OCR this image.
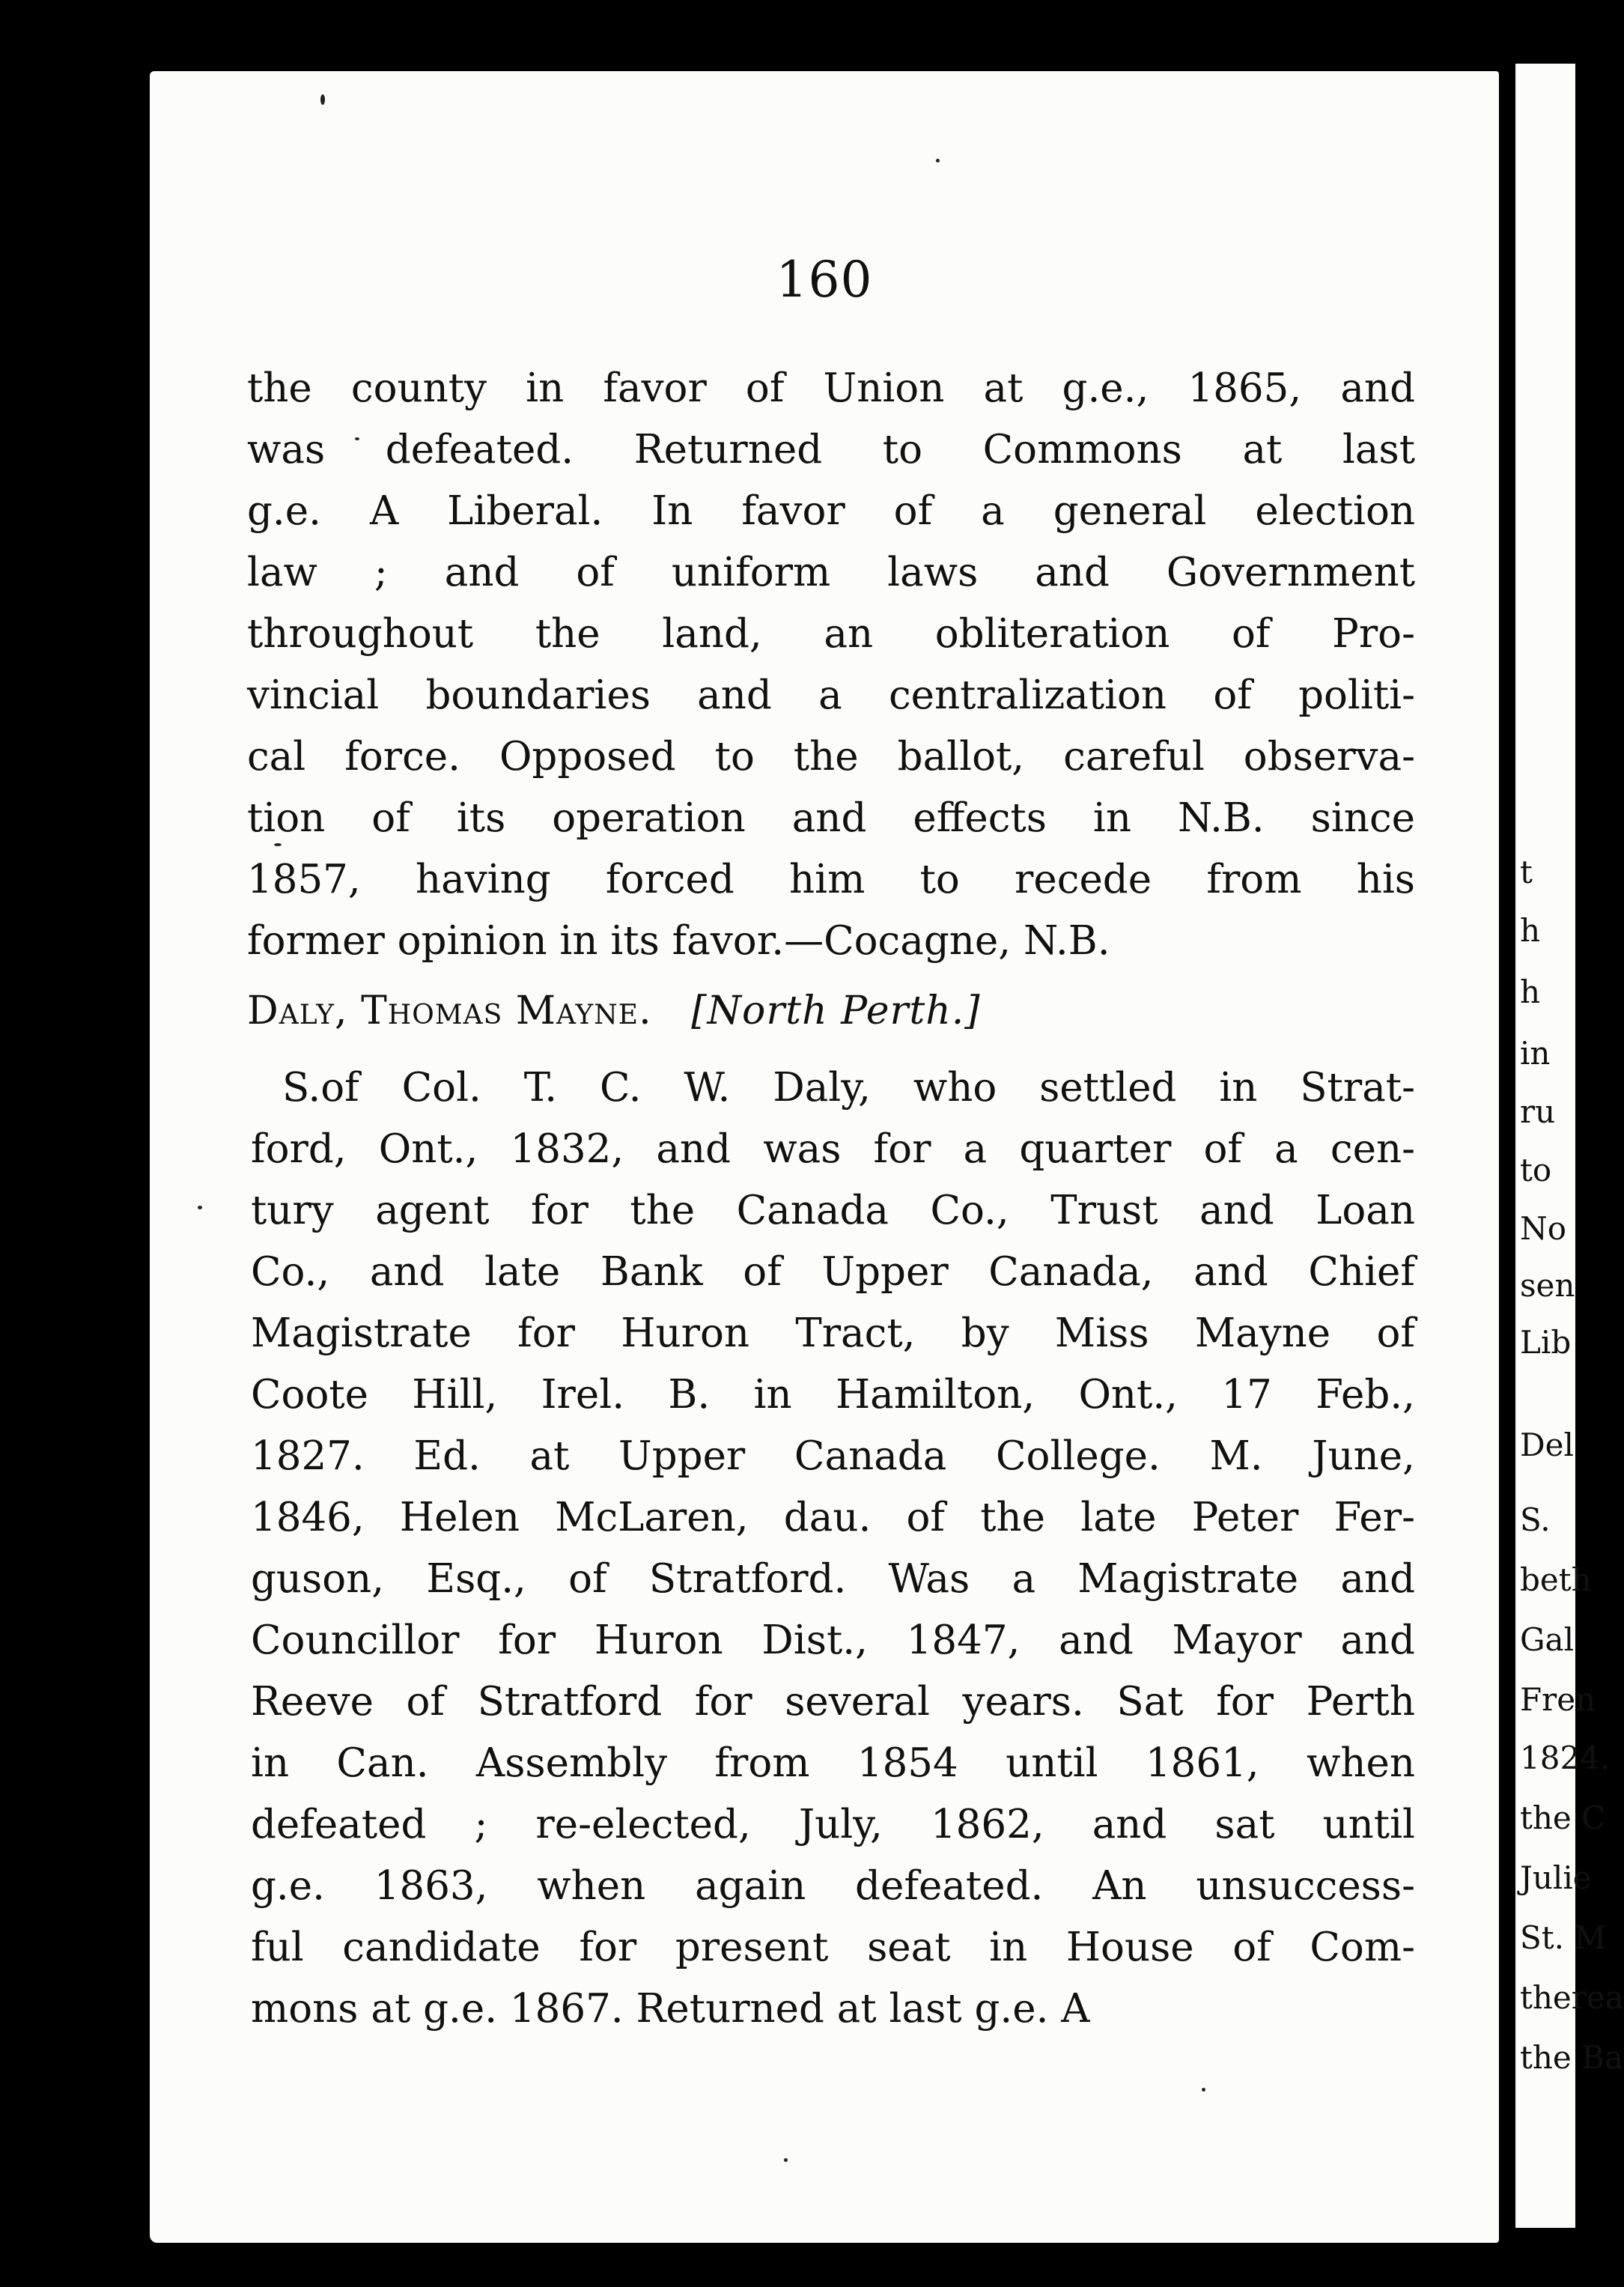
160
the county in favor of Union at g.e., 1865, and
was defeated. Returned to Commons at last
g.e. A Liberal. In favor of a general election
law ; and of uniform laws and Government
throughout the land, an obliteration of Pro-
vincial boundaries and a centralization of politi-
cal force. Opposed to the ballot, careful observa-
tion of its operation and effects in N.B. since
1857, having forced him to recede from his
former opinion in its favor.—Cocagne, N.B.
Daly, Thomas Mayne. [North Perth.]
S.of Col. T. C. W. Daly, who settled in Strat-
ford, Ont., 1832, and was for a quarter of a cen-
tury agent for the Canada Co., Trust and Loan
Co., and late Bank of Upper Canada, and Chief
Magistrate for Huron Tract, by Miss Mayne of
Coote Hill, Irel. B. in Hamilton, Ont., 17 Feb.,
1827. Ed. at Upper Canada College. M. June,
1846, Helen McLaren, dau. of the late Peter Fer-
guson, Esq., of Stratford. Was a Magistrate and
Councillor for Huron Dist., 1847, and Mayor and
Reeve of Stratford for several years. Sat for Perth
in Can. Assembly from 1854 until 1861, when
defeated ; re-elected, July, 1862, and sat until
g.e. 1863, when again defeated. An unsuccess-
ful candidate for present seat in House of Com-
mons at g.e. 1867. Returned at last g.e. A
t
h
h
in
ru
to
No
sen
Lib
Del
S.
beth
Gal
Fren
1824.
the C
Julie
St. M
therea
the Ba
